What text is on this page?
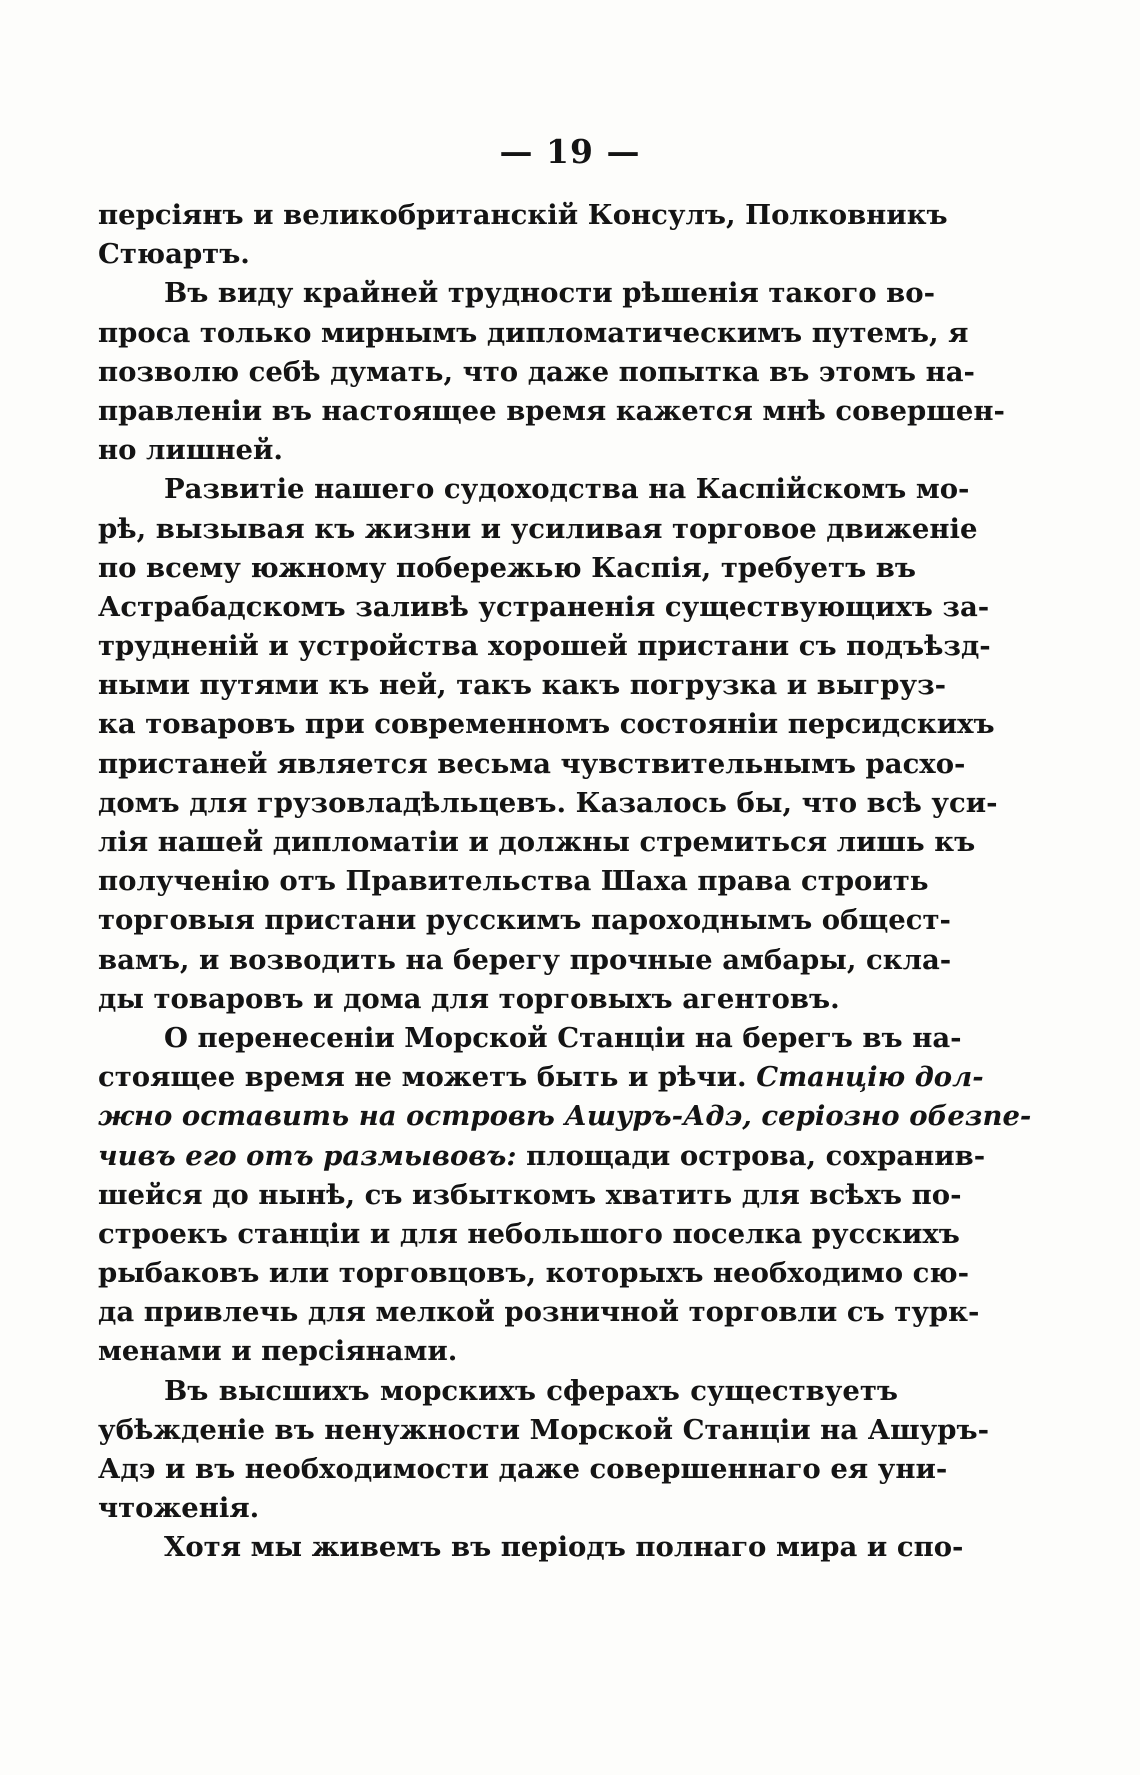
— 19 —
персіянъ и великобританскій Консулъ, Полковникъ
Стюартъ.
Въ виду крайней трудности рѣшенія такого во-
проса только мирнымъ дипломатическимъ путемъ, я
позволю себѣ думать, что даже попытка въ этомъ на-
правленіи въ настоящее время кажется мнѣ совершен-
но лишней.
Развитіе нашего судоходства на Каспійскомъ мо-
рѣ, вызывая къ жизни и усиливая торговое движеніе
по всему южному побережью Каспія, требуетъ въ
Астрабадскомъ заливѣ устраненія существующихъ за-
трудненій и устройства хорошей пристани съ подъѣзд-
ными путями къ ней, такъ какъ погрузка и выгруз-
ка товаровъ при современномъ состояніи персидскихъ
пристаней является весьма чувствительнымъ расхо-
домъ для грузовладѣльцевъ. Казалось бы, что всѣ уси-
лія нашей дипломатіи и должны стремиться лишь къ
полученію отъ Правительства Шаха права строить
торговыя пристани русскимъ пароходнымъ общест-
вамъ, и возводить на берегу прочные амбары, скла-
ды товаровъ и дома для торговыхъ агентовъ.
О перенесеніи Морской Станціи на берегъ въ на-
стоящее время не можетъ быть и рѣчи. Станцію дол-
жно оставить на островѣ Ашуръ-Адэ, серіозно обезпе-
чивъ его отъ размывовъ: площади острова, сохранив-
шейся до нынѣ, съ избыткомъ хватить для всѣхъ по-
строекъ станціи и для небольшого поселка русскихъ
рыбаковъ или торговцовъ, которыхъ необходимо сю-
да привлечь для мелкой розничной торговли съ турк-
менами и персіянами.
Въ высшихъ морскихъ сферахъ существуетъ
убѣжденіе въ ненужности Морской Станціи на Ашуръ-
Адэ и въ необходимости даже совершеннаго ея уни-
чтоженія.
Хотя мы живемъ въ періодъ полнаго мира и спо-
